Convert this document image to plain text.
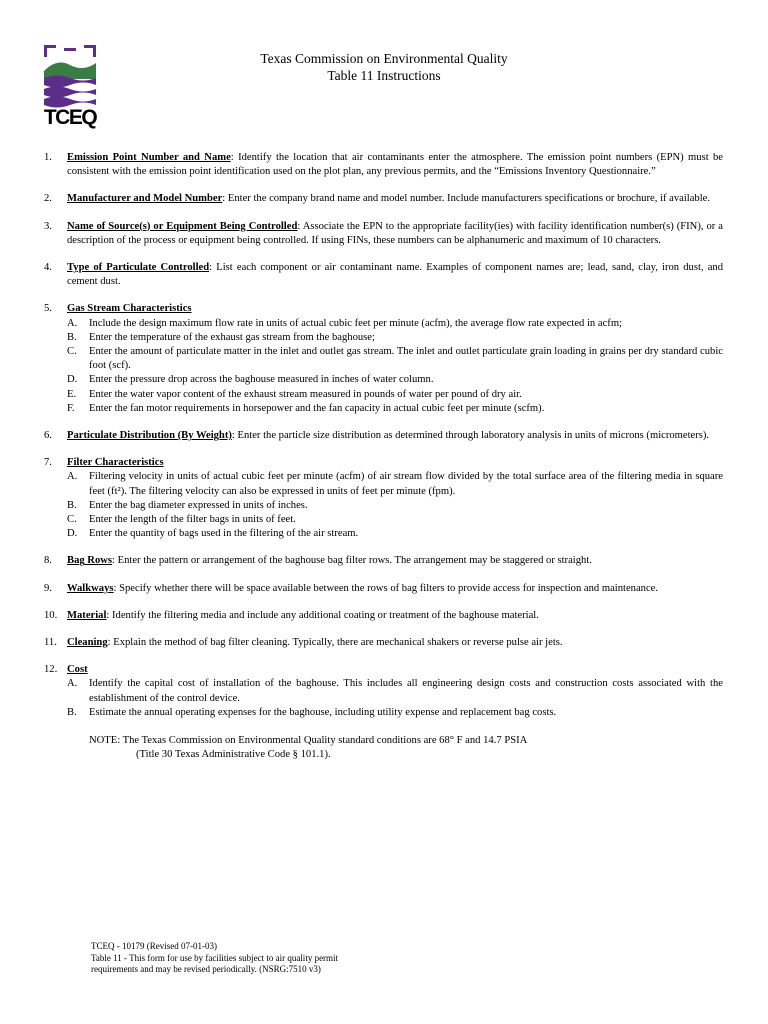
TCEQ
Texas Commission on Environmental Quality
Table 11 Instructions
1.	Emission Point Number and Name: Identify the location that air contaminants enter the atmosphere. The emission point numbers (EPN) must be consistent with the emission point identification used on the plot plan, any previous permits, and the “Emissions Inventory Questionnaire.”
2.	Manufacturer and Model Number: Enter the company brand name and model number. Include manufacturers specifications or brochure, if available.
3.	Name of Source(s) or Equipment Being Controlled: Associate the EPN to the appropriate facility(ies) with facility identification number(s) (FIN), or a description of the process or equipment being controlled. If using FINs, these numbers can be alphanumeric and maximum of 10 characters.
4.	Type of Particulate Controlled: List each component or air contaminant name. Examples of component names are; lead, sand, clay, iron dust, and cement dust.
5.	Gas Stream Characteristics
A. Include the design maximum flow rate in units of actual cubic feet per minute (acfm), the average flow rate expected in acfm;
B. Enter the temperature of the exhaust gas stream from the baghouse;
C. Enter the amount of particulate matter in the inlet and outlet gas stream. The inlet and outlet particulate grain loading in grains per dry standard cubic foot (scf).
D. Enter the pressure drop across the baghouse measured in inches of water column.
E. Enter the water vapor content of the exhaust stream measured in pounds of water per pound of dry air.
F. Enter the fan motor requirements in horsepower and the fan capacity in actual cubic feet per minute (scfm).
6.	Particulate Distribution (By Weight): Enter the particle size distribution as determined through laboratory analysis in units of microns (micrometers).
7.	Filter Characteristics
A. Filtering velocity in units of actual cubic feet per minute (acfm) of air stream flow divided by the total surface area of the filtering media in square feet (ft²). The filtering velocity can also be expressed in units of feet per minute (fpm).
B. Enter the bag diameter expressed in units of inches.
C. Enter the length of the filter bags in units of feet.
D. Enter the quantity of bags used in the filtering of the air stream.
8.	Bag Rows: Enter the pattern or arrangement of the baghouse bag filter rows. The arrangement may be staggered or straight.
9.	Walkways: Specify whether there will be space available between the rows of bag filters to provide access for inspection and maintenance.
10. Material: Identify the filtering media and include any additional coating or treatment of the baghouse material.
11. Cleaning: Explain the method of bag filter cleaning. Typically, there are mechanical shakers or reverse pulse air jets.
12. Cost
A. Identify the capital cost of installation of the baghouse. This includes all engineering design costs and construction costs associated with the establishment of the control device.
B. Estimate the annual operating expenses for the baghouse, including utility expense and replacement bag costs.
NOTE: The Texas Commission on Environmental Quality standard conditions are 68° F and 14.7 PSIA
(Title 30 Texas Administrative Code § 101.1).
TCEQ - 10179 (Revised 07-01-03)
Table 11 - This form for use by facilities subject to air quality permit
requirements and may be revised periodically. (NSRG:7510 v3)
